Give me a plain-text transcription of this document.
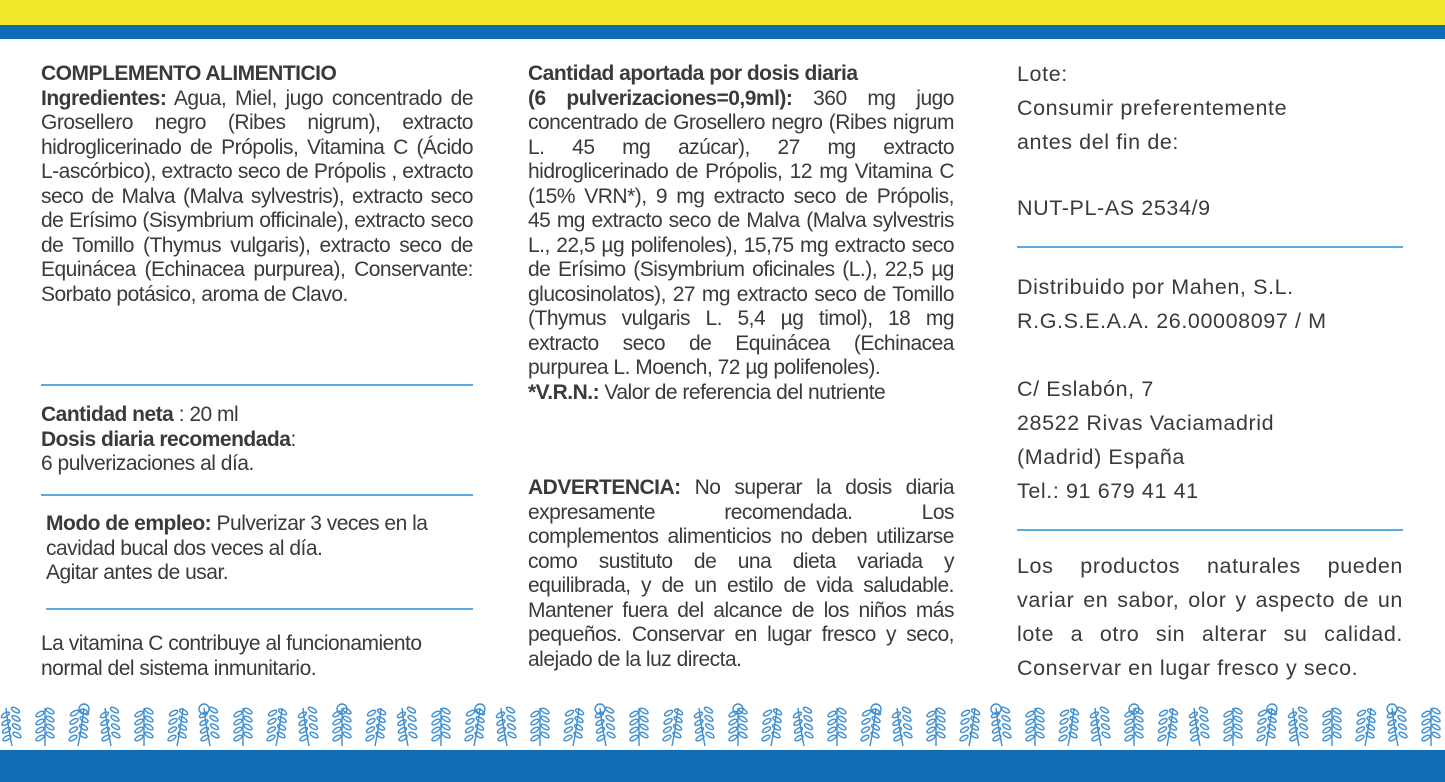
COMPLEMENTO ALIMENTICIO
Ingredientes: Agua, Miel, jugo concentrado de Grosellero negro (Ribes nigrum), extracto hidroglicerinado de Própolis, Vitamina C (Ácido L-ascórbico), extracto seco de Própolis , extracto seco de Malva (Malva sylvestris), extracto seco de Erísimo (Sisymbrium officinale), extracto seco de Tomillo (Thymus vulgaris), extracto seco de Equinácea (Echinacea purpurea), Conservante: Sorbato potásico, aroma de Clavo.

Cantidad neta : 20 ml
Dosis diaria recomendada:
6 pulverizaciones al día.

Modo de empleo: Pulverizar 3 veces en la cavidad bucal dos veces al día.
Agitar antes de usar.

La vitamina C contribuye al funcionamiento normal del sistema inmunitario.

Cantidad aportada por dosis diaria
(6 pulverizaciones=0,9ml): 360 mg jugo concentrado de Grosellero negro (Ribes nigrum L. 45 mg azúcar), 27 mg extracto hidroglicerinado de Própolis, 12 mg Vitamina C (15% VRN*), 9 mg extracto seco de Própolis, 45 mg extracto seco de Malva (Malva sylvestris L., 22,5 µg polifenoles), 15,75 mg extracto seco de Erísimo (Sisymbrium oficinales (L.), 22,5 µg glucosinolatos), 27 mg extracto seco de Tomillo (Thymus vulgaris L. 5,4 µg timol), 18 mg extracto seco de Equinácea (Echinacea purpurea L. Moench, 72 µg polifenoles).

*V.R.N.: Valor de referencia del nutriente

ADVERTENCIA: No superar la dosis diaria expresamente recomendada. Los complementos alimenticios no deben utilizarse como sustituto de una dieta variada y equilibrada, y de un estilo de vida saludable. Mantener fuera del alcance de los niños más pequeños. Conservar en lugar fresco y seco, alejado de la luz directa.

Lote:

Consumir preferentemente

antes del fin de:

NUT-PL-AS 2534/9

Distribuido por Mahen, S.L.

R.G.S.E.A.A. 26.00008097 / M

C/ Eslabón, 7

28522 Rivas Vaciamadrid

(Madrid) España

Tel.: 91 679 41 41

Los productos naturales pueden variar en sabor, olor y aspecto de un lote a otro sin alterar su calidad. Conservar en lugar fresco y seco.
